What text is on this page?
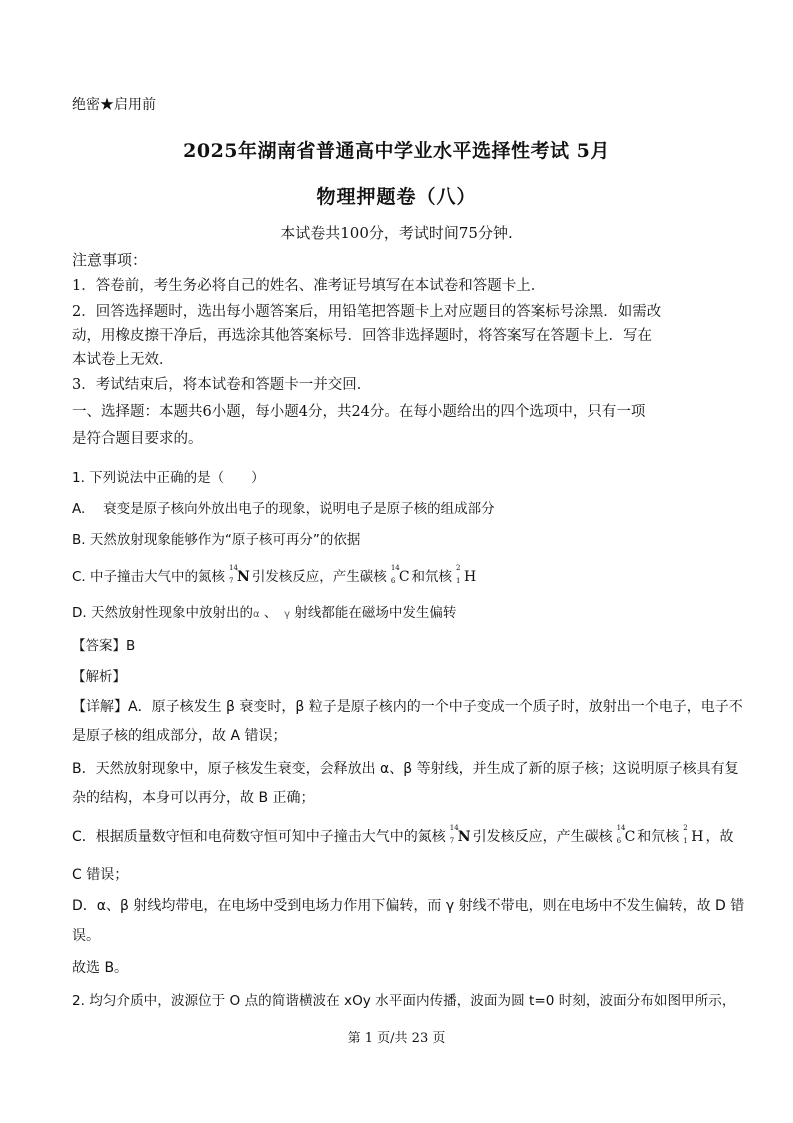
绝密★启用前
2025年湖南省普通高中学业水平选择性考试 5月
物理押题卷（八）
本试卷共100分，考试时间75分钟.
注意事项：
1．答卷前，考生务必将自己的姓名、准考证号填写在本试卷和答题卡上．
2．回答选择题时，选出每小题答案后，用铅笔把答题卡上对应题目的答案标号涂黑．如需改
动，用橡皮擦干净后，再选涂其他答案标号．回答非选择题时，将答案写在答题卡上．写在
本试卷上无效．
3．考试结束后，将本试卷和答题卡一并交回．
一、选择题：本题共6小题，每小题4分，共24分。在每小题给出的四个选项中，只有一项
是符合题目要求的。
1. 下列说法中正确的是（　　）
A.　 衰变是原子核向外放出电子的现象，说明电子是原子核的组成部分
B. 天然放射现象能够作为“原子核可再分”的依据
C. 中子撞击大气中的氮核
14
7 N 引发核反应，产生碳核
14
6 C 和氘核
2
1 H
D. 天然放射性现象中放射出的α 、　γ 射线都能在磁场中发生偏转
【答案】B
【解析】
【详解】A．原子核发生 β 衰变时，β 粒子是原子核内的一个中子变成一个质子时，放射出一个电子，电子不
是原子核的组成部分，故 A 错误；
B．天然放射现象中，原子核发生衰变，会释放出 α、β 等射线，并生成了新的原子核；这说明原子核具有复
杂的结构，本身可以再分，故 B 正确；
C．根据质量数守恒和电荷数守恒可知中子撞击大气中的氮核
14
7 N 引发核反应，产生碳核
14
6 C 和氘核
2
1 H ，故
C 错误；
D．α、β 射线均带电，在电场中受到电场力作用下偏转，而 γ 射线不带电，则在电场中不发生偏转，故 D 错
误。
故选 B。
2. 均匀介质中，波源位于 O 点的简谐横波在 xOy 水平面内传播，波面为圆 t=0 时刻，波面分布如图甲所示，
第 1 页/共 23 页
